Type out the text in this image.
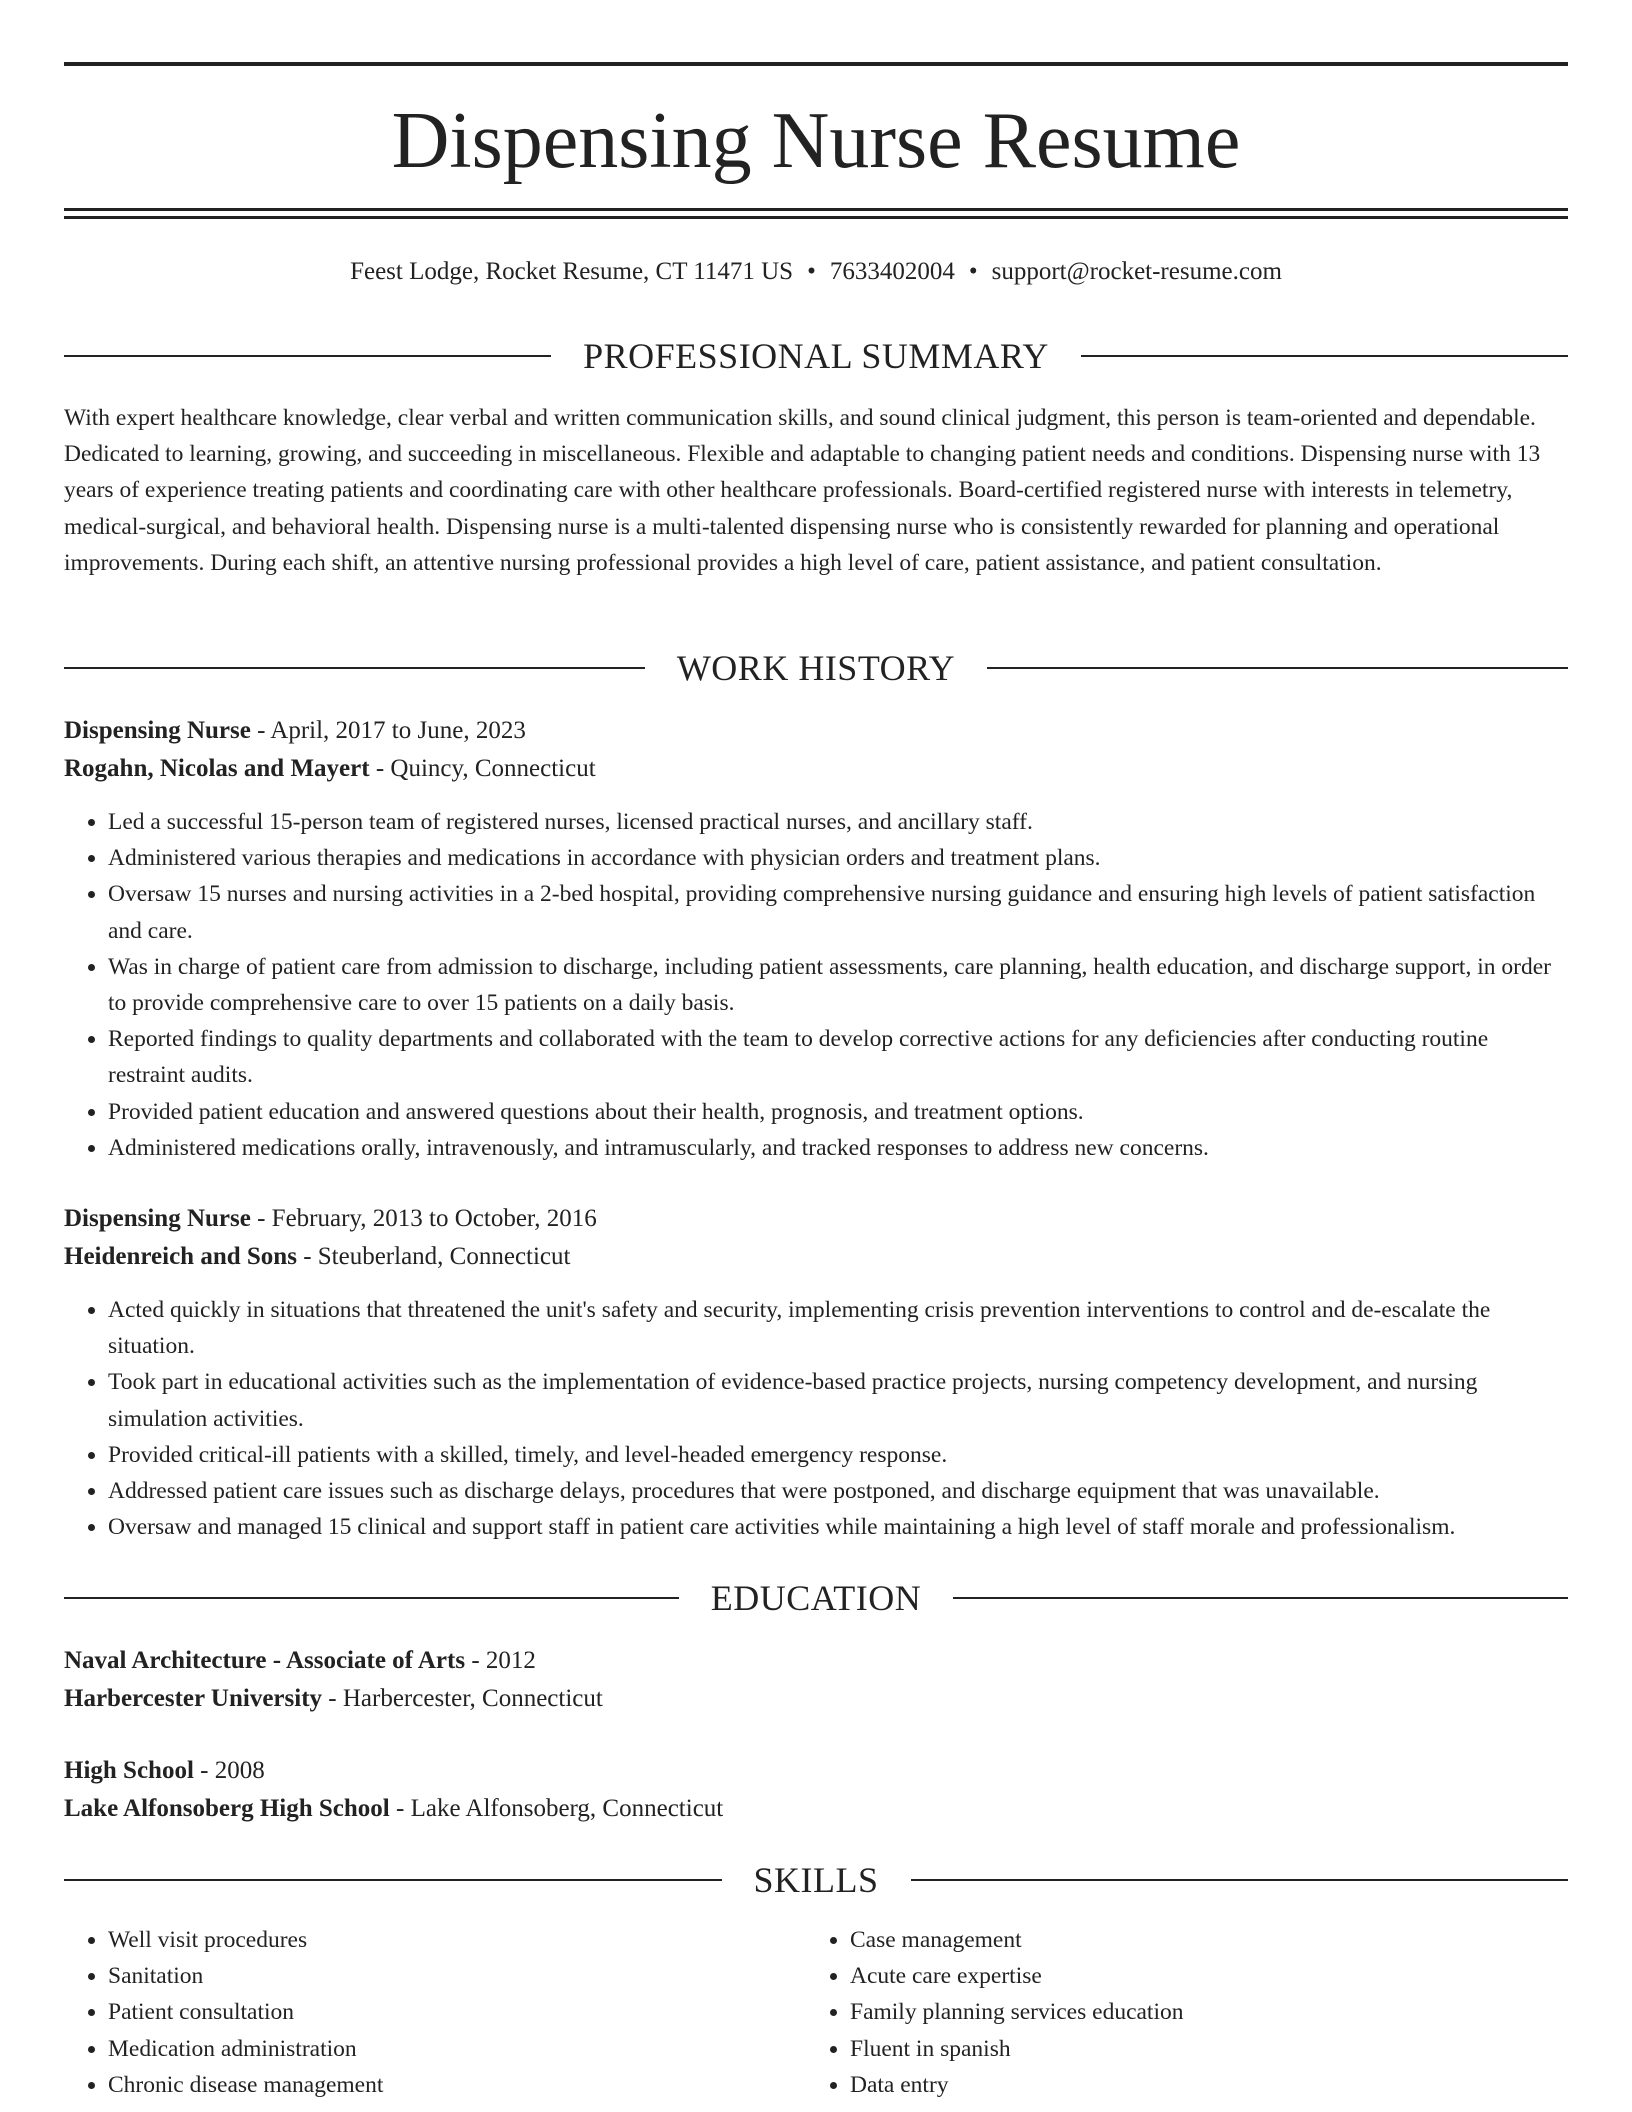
Dispensing Nurse Resume
Feest Lodge, Rocket Resume, CT 11471 US • 7633402004 • support@rocket-resume.com
PROFESSIONAL SUMMARY

With expert healthcare knowledge, clear verbal and written communication skills, and sound clinical judgment, this person is team-oriented and dependable. Dedicated to learning, growing, and succeeding in miscellaneous. Flexible and adaptable to changing patient needs and conditions. Dispensing nurse with 13 years of experience treating patients and coordinating care with other healthcare professionals. Board-certified registered nurse with interests in telemetry, medical-surgical, and behavioral health. Dispensing nurse is a multi-talented dispensing nurse who is consistently rewarded for planning and operational improvements. During each shift, an attentive nursing professional provides a high level of care, patient assistance, and patient consultation.

WORK HISTORY

Dispensing Nurse - April, 2017 to June, 2023

Rogahn, Nicolas and Mayert - Quincy, Connecticut

• Led a successful 15-person team of registered nurses, licensed practical nurses, and ancillary staff.
• Administered various therapies and medications in accordance with physician orders and treatment plans.
• Oversaw 15 nurses and nursing activities in a 2-bed hospital, providing comprehensive nursing guidance and ensuring high levels of patient satisfaction and care.
• Was in charge of patient care from admission to discharge, including patient assessments, care planning, health education, and discharge support, in order to provide comprehensive care to over 15 patients on a daily basis.
• Reported findings to quality departments and collaborated with the team to develop corrective actions for any deficiencies after conducting routine restraint audits.
• Provided patient education and answered questions about their health, prognosis, and treatment options.
• Administered medications orally, intravenously, and intramuscularly, and tracked responses to address new concerns.

Dispensing Nurse - February, 2013 to October, 2016

Heidenreich and Sons - Steuberland, Connecticut

• Acted quickly in situations that threatened the unit's safety and security, implementing crisis prevention interventions to control and de-escalate the situation.
• Took part in educational activities such as the implementation of evidence-based practice projects, nursing competency development, and nursing simulation activities.
• Provided critical-ill patients with a skilled, timely, and level-headed emergency response.
• Addressed patient care issues such as discharge delays, procedures that were postponed, and discharge equipment that was unavailable.
• Oversaw and managed 15 clinical and support staff in patient care activities while maintaining a high level of staff morale and professionalism.
EDUCATION

Naval Architecture - Associate of Arts - 2012

Harbercester University - Harbercester, Connecticut

High School - 2008

Lake Alfonsoberg High School - Lake Alfonsoberg, Connecticut

SKILLS
• Well visit procedures
• Sanitation
• Patient consultation
• Medication administration
• Chronic disease management
• Case management
• Acute care expertise
• Family planning services education
• Fluent in spanish
• Data entry
